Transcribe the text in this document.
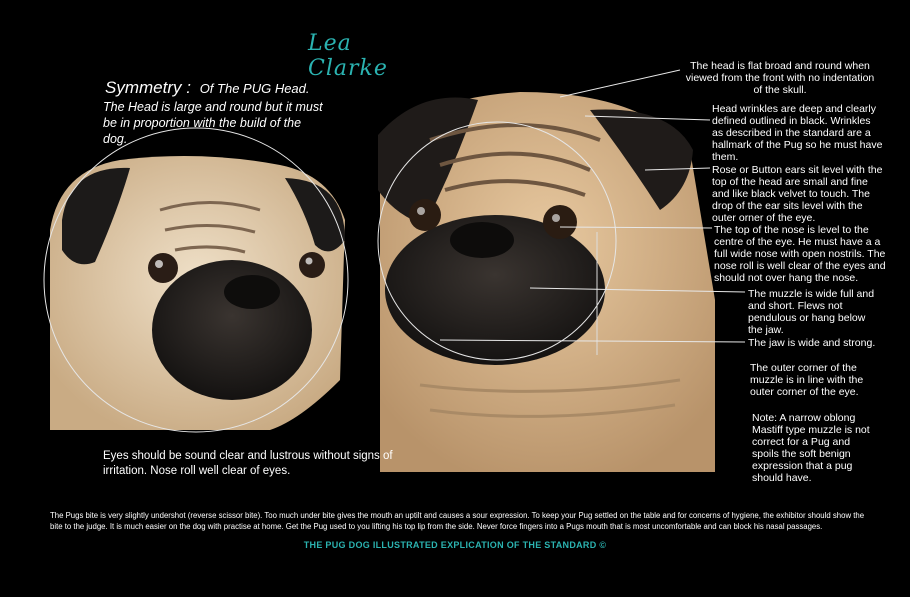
Lea Clarke
Symmetry : Of The PUG Head.
The Head is large and round but it must be in proportion with the build of the dog.
The head is flat broad and round when viewed from the front with no indentation of the skull.
Head wrinkles are deep and clearly defined outlined in black. Wrinkles as described in the standard are a hallmark of the Pug so he must have them.
Rose or Button ears sit level with the top of the head are small and fine and like black velvet to touch. The drop of the ear sits level with the outer orner of the eye.
The top of the nose is level to the centre of the eye. He must have a a full wide nose with open nostrils. The nose roll is well clear of the eyes and should not over hang the nose.
The muzzle is wide full and and short. Flews not pendulous or hang below the jaw.
The jaw is wide and strong.
The outer corner of the muzzle is in line with the outer corner of the eye.
Note: A narrow oblong Mastiff type muzzle is not correct for a Pug and spoils the soft benign expression that a pug should have.
Eyes should be sound clear and lustrous without signs of irritation. Nose roll well clear of eyes.
The Pugs bite is very slightly undershot (reverse scissor bite). Too much under bite gives the mouth an uptilt and causes a sour expression. To keep your Pug settled on the table and for concerns of hygiene, the exhibitor should show the bite to the judge. It is much easier on the dog with practise at home. Get the Pug used to you lifting his top lip from the side. Never force fingers into a Pugs mouth that is most uncomfortable and can block his nasal passages.
THE PUG DOG ILLUSTRATED EXPLICATION OF THE STANDARD ©
